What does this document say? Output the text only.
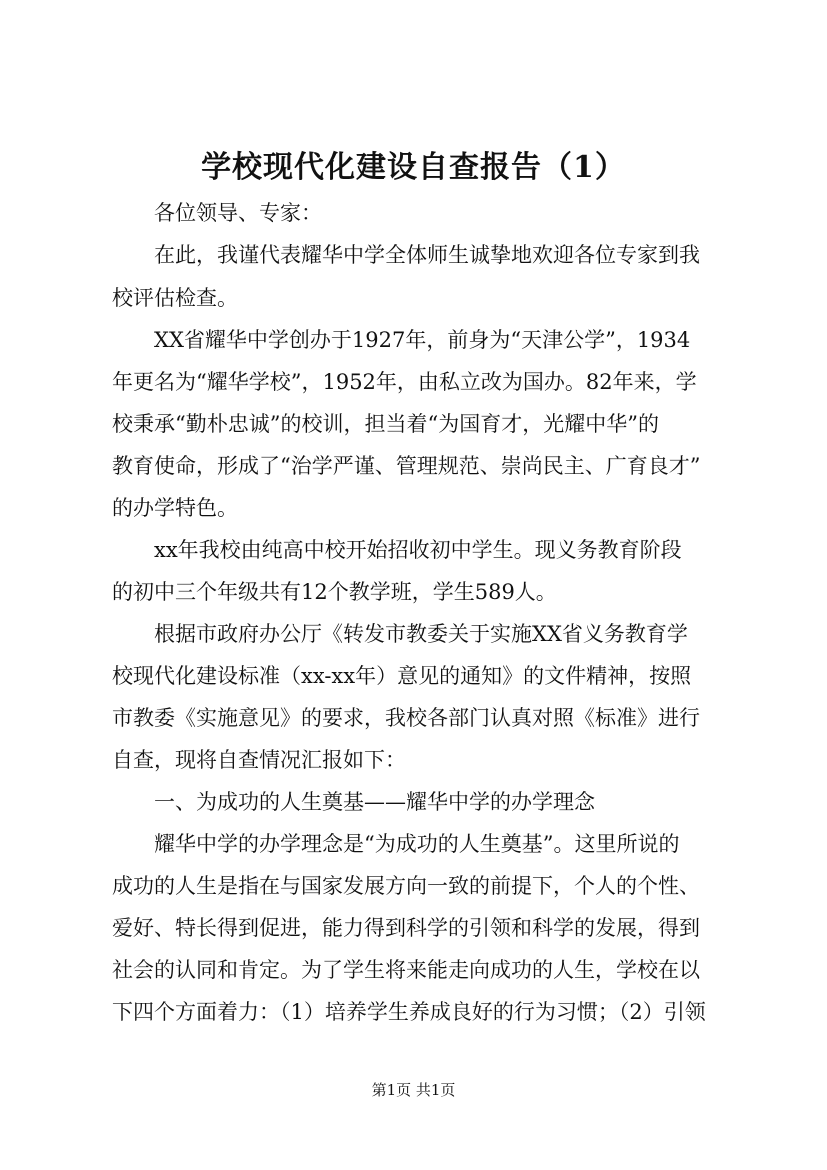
学校现代化建设自查报告（1）
各位领导、专家：
在此，我谨代表耀华中学全体师生诚挚地欢迎各位专家到我
校评估检查。
XX省耀华中学创办于1927年，前身为“天津公学”，1934
年更名为“耀华学校”，1952年，由私立改为国办。82年来，学
校秉承“勤朴忠诚”的校训，担当着“为国育才，光耀中华”的
教育使命，形成了“治学严谨、管理规范、崇尚民主、广育良才”
的办学特色。
xx年我校由纯高中校开始招收初中学生。现义务教育阶段
的初中三个年级共有12个教学班，学生589人。
根据市政府办公厅《转发市教委关于实施XX省义务教育学
校现代化建设标准（xx-xx年）意见的通知》的文件精神，按照
市教委《实施意见》的要求，我校各部门认真对照《标准》进行
自查，现将自查情况汇报如下：
一、为成功的人生奠基——耀华中学的办学理念
耀华中学的办学理念是“为成功的人生奠基”。这里所说的
成功的人生是指在与国家发展方向一致的前提下，个人的个性、
爱好、特长得到促进，能力得到科学的引领和科学的发展，得到
社会的认同和肯定。为了学生将来能走向成功的人生，学校在以
下四个方面着力：（1）培养学生养成良好的行为习惯；（2）引领
第1页 共1页
